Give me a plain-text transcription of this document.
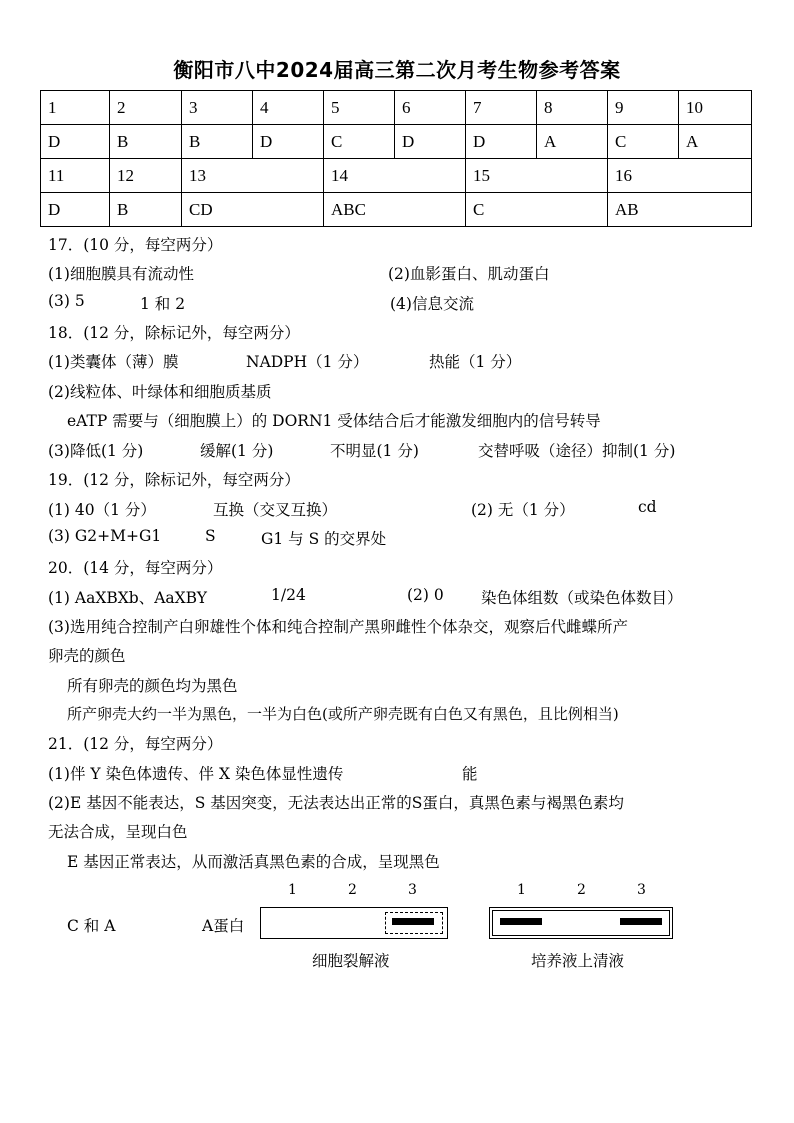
衡阳市八中2024届高三第二次月考生物参考答案
1	2	3	4	5	6	7	8	9	10
D	B	B	D	C	D	D	A	C	A
11	12	13		14		15		16	
D	B	CD		ABC		C		AB	
17．(10 分，每空两分）
(1)细胞膜具有流动性	(2)血影蛋白、肌动蛋白
(3) 5	1 和 2	(4)信息交流
18．(12 分，除标记外，每空两分）
(1)类囊体（薄）膜	NADPH（1 分）	热能（1 分）
(2)线粒体、叶绿体和细胞质基质
eATP 需要与（细胞膜上）的 DORN1 受体结合后才能激发细胞内的信号转导
(3)降低(1 分)	缓解(1 分)	不明显(1 分)	交替呼吸（途径）抑制(1 分)
19．(12 分，除标记外，每空两分）
(1) 40（1 分）	互换（交叉互换）	(2) 无（1 分）	cd
(3) G2+M+G1	S	G1 与 S 的交界处
20．(14 分，每空两分）
(1) AaXBXb、AaXBY	1/24	(2) 0 染色体组数（或染色体数目）
(3)选用纯合控制产白卵雄性个体和纯合控制产黑卵雌性个体杂交，观察后代雌蝶所产
卵壳的颜色
所有卵壳的颜色均为黑色
所产卵壳大约一半为黑色，一半为白色(或所产卵壳既有白色又有黑色，且比例相当)
21．(12 分，每空两分）
(1)伴 Y 染色体遗传、伴 X 染色体显性遗传	能
(2)E 基因不能表达，S 基因突变，无法表达出正常的S蛋白，真黑色素与褐黑色素均
无法合成，呈现白色
E 基因正常表达，从而激活真黑色素的合成，呈现黑色
C 和 A
1	2	3	1	2	3
A蛋白
细胞裂解液	培养液上清液
